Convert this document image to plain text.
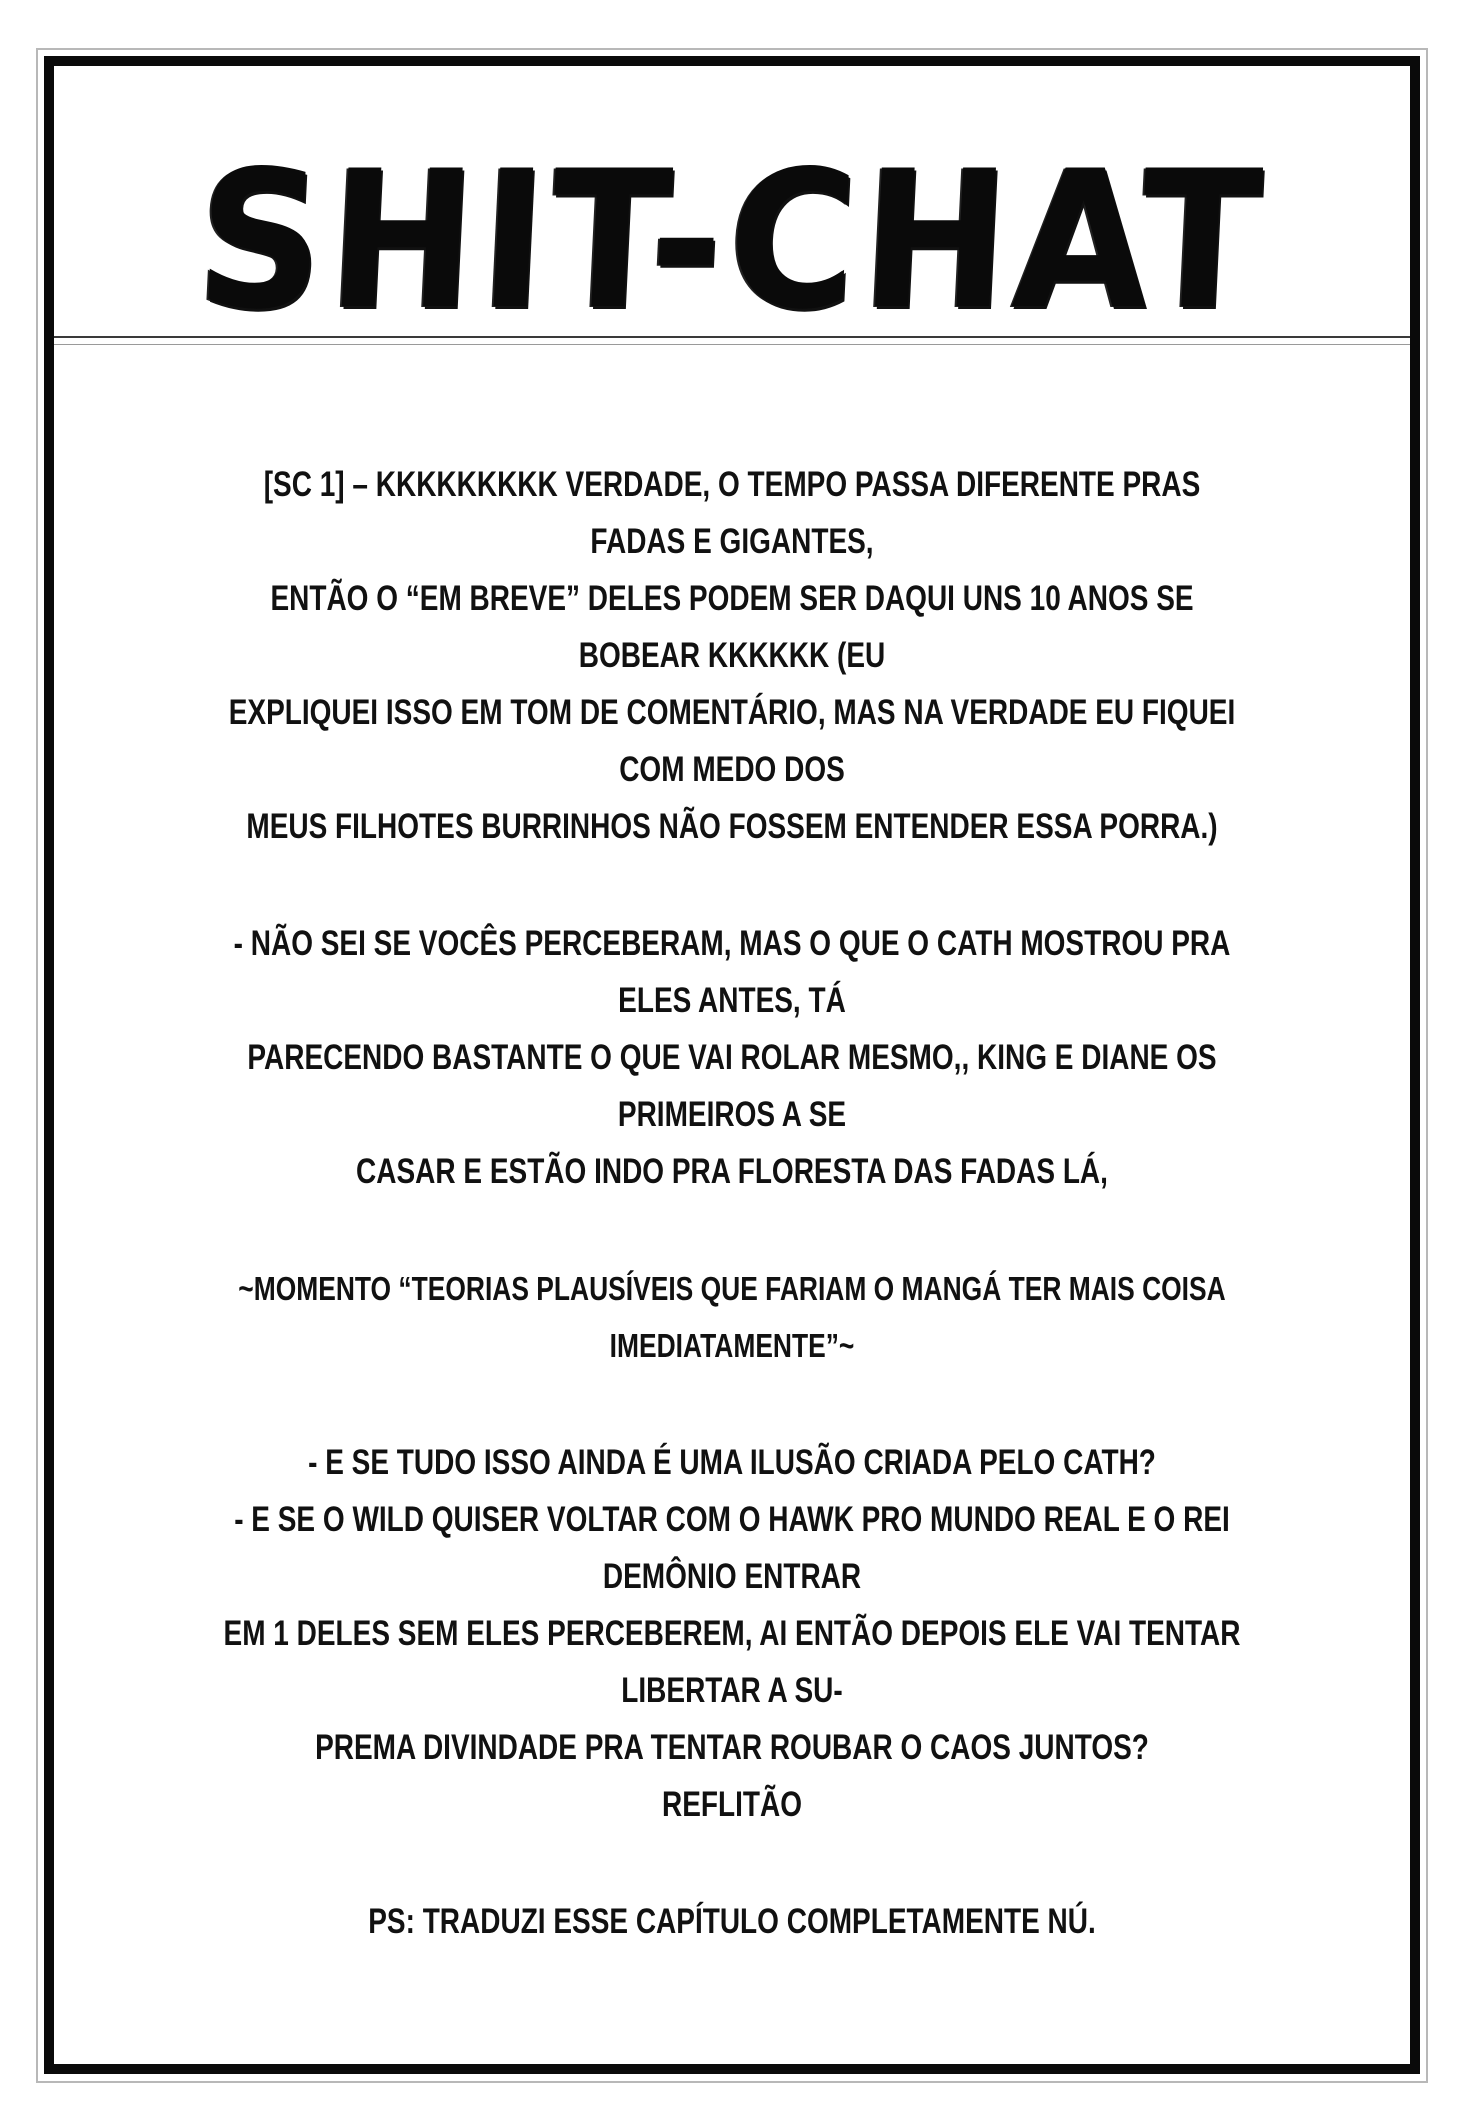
SHIT-CHAT
[SC 1] – KKKKKKKKK VERDADE, O TEMPO PASSA DIFERENTE PRAS FADAS E GIGANTES,
ENTÃO O “EM BREVE” DELES PODEM SER DAQUI UNS 10 ANOS SE BOBEAR KKKKKK (EU
EXPLIQUEI ISSO EM TOM DE COMENTÁRIO, MAS NA VERDADE EU FIQUEI COM MEDO DOS
MEUS FILHOTES BURRINHOS NÃO FOSSEM ENTENDER ESSA PORRA.)
- NÃO SEI SE VOCÊS PERCEBERAM, MAS O QUE O CATH MOSTROU PRA ELES ANTES, TÁ
PARECENDO BASTANTE O QUE VAI ROLAR MESMO,, KING E DIANE OS PRIMEIROS A SE
CASAR E ESTÃO INDO PRA FLORESTA DAS FADAS LÁ,
~MOMENTO “TEORIAS PLAUSÍVEIS QUE FARIAM O MANGÁ TER MAIS COISA IMEDIATAMENTE”~
- E SE TUDO ISSO AINDA É UMA ILUSÃO CRIADA PELO CATH?
- E SE O WILD QUISER VOLTAR COM O HAWK PRO MUNDO REAL E O REI DEMÔNIO ENTRAR
EM 1 DELES SEM ELES PERCEBEREM, AI ENTÃO DEPOIS ELE VAI TENTAR LIBERTAR A SU-
PREMA DIVINDADE PRA TENTAR ROUBAR O CAOS JUNTOS?
REFLITÃO
PS: TRADUZI ESSE CAPÍTULO COMPLETAMENTE NÚ.
